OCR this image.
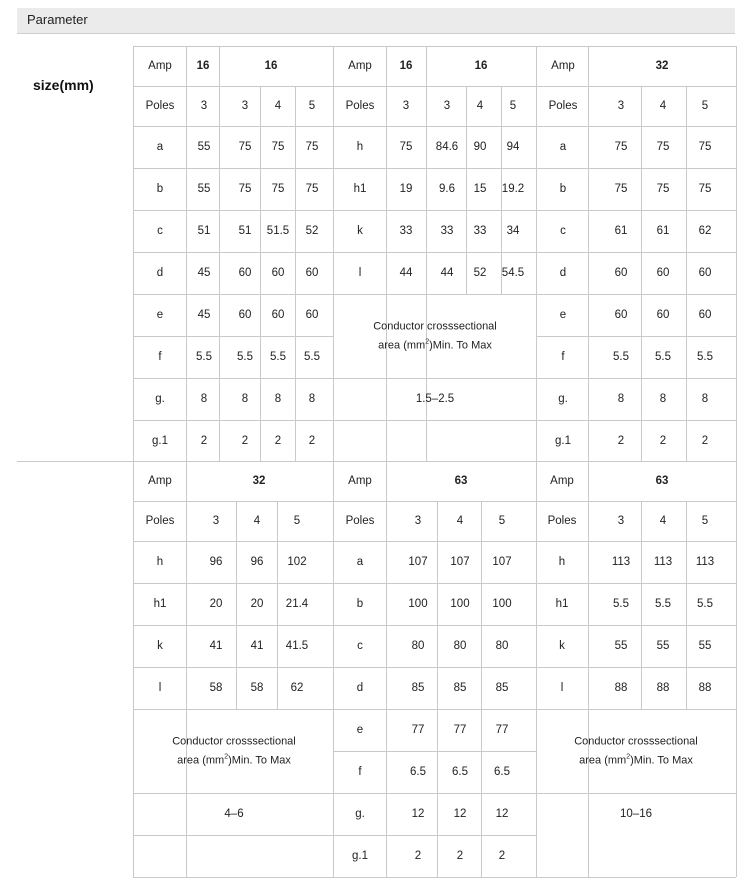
Parameter
size(mm)
Amp 16	16
Poles 3	3 4 5
a	55 75 75 75
b	55 75 75 75
c	51 51 51.5 52
d	45 60 60 60
e	45 60 60 60
f	5.5 5.5 5.5 5.5
g.	8	8 8 8
g.1	2	2 2 2
Amp 16	16
Poles 3	3 4 5
h	75 84.6 90 94
h1	19 9.6 15 19.2
k	33 33 33 34
l	44 44 52 54.5
Conductor crosssectional
area $(mm^2)Min$. To Max
1.5–2.5
Amp	32
Poles	3	4	5
a	75	75	75
b	75	75	75
c	61	61	62
d	60	60	60
e	60	60	60
f	5.5 5.5 5.5
g.	8	8	8
g.1	2	2	2
Amp	32
Poles	3	4	5
h	96 96 102
h1	20 20 21.4
k	41 41 41.5
l	58 58 62
Conductor crosssectional
area $(mm^2)Min$. To Max
4–6
Amp	63
Poles	3	4	5
a	107 107 107
b	100 100 100
c	80	80	80
d	85	85	85
e	77	77	77
f	6.5 6.5 6.5
g.	12	12	12
g.1	2	2	2
Amp	63
Poles	3	4	5
h	113 113 113
h1	5.5 5.5 5.5
k	55	55	55
l	88	88	88
Conductor crosssectional
area $(mm^2)Min$. To Max
10–16
